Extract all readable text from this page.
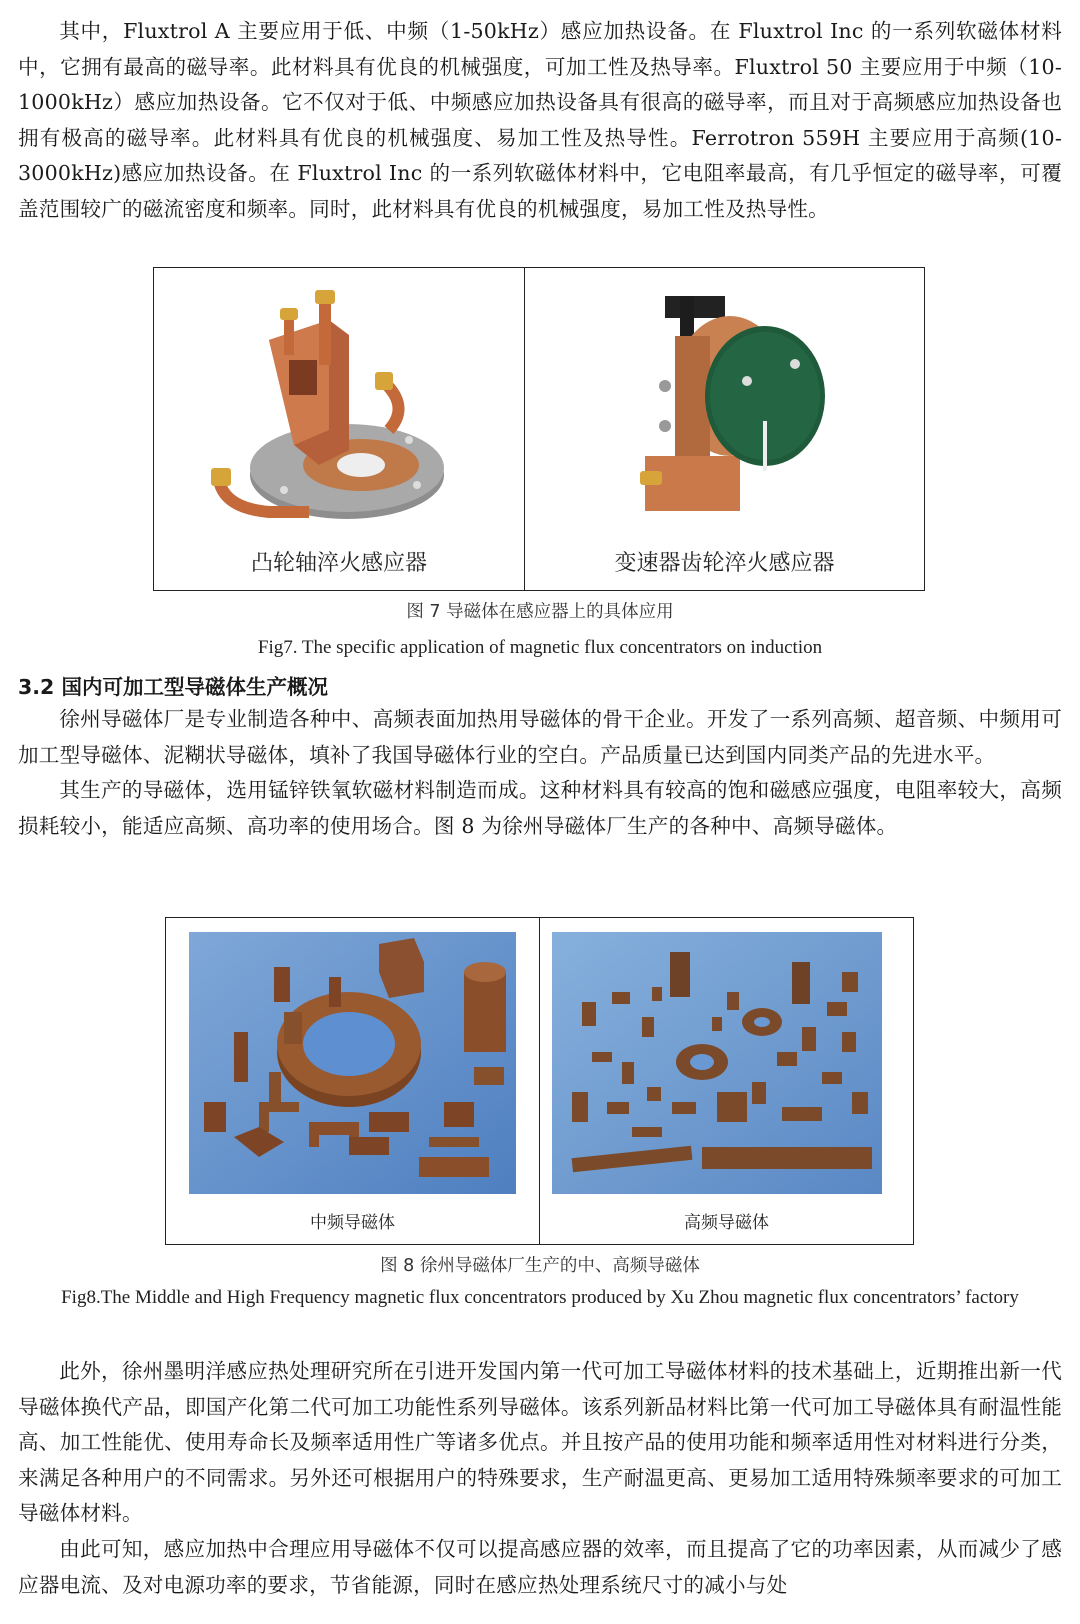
其中，Fluxtrol A 主要应用于低、中频（1-50kHz）感应加热设备。在 Fluxtrol Inc 的一系列软磁体材料中，它拥有最高的磁导率。此材料具有优良的机械强度，可加工性及热导率。Fluxtrol 50 主要应用于中频（10-1000kHz）感应加热设备。它不仅对于低、中频感应加热设备具有很高的磁导率，而且对于高频感应加热设备也拥有极高的磁导率。此材料具有优良的机械强度、易加工性及热导性。Ferrotron 559H 主要应用于高频(10-3000kHz)感应加热设备。在 Fluxtrol Inc 的一系列软磁体材料中，它电阻率最高，有几乎恒定的磁导率，可覆盖范围较广的磁流密度和频率。同时，此材料具有优良的机械强度，易加工性及热导性。

凸轮轴淬火感应器	变速器齿轮淬火感应器
图 7 导磁体在感应器上的具体应用
Fig7. The specific application of magnetic flux concentrators on induction
3.2 国内可加工型导磁体生产概况

徐州导磁体厂是专业制造各种中、高频表面加热用导磁体的骨干企业。开发了一系列高频、超音频、中频用可加工型导磁体、泥糊状导磁体，填补了我国导磁体行业的空白。产品质量已达到国内同类产品的先进水平。

其生产的导磁体，选用锰锌铁氧软磁材料制造而成。这种材料具有较高的饱和磁感应强度，电阻率较大，高频损耗较小，能适应高频、高功率的使用场合。图 8 为徐州导磁体厂生产的各种中、高频导磁体。

中频导磁体	高频导磁体
图 8 徐州导磁体厂生产的中、高频导磁体
Fig8.The Middle and High Frequency magnetic flux concentrators produced by Xu Zhou magnetic flux concentrators’ factory

此外，徐州墨明洋感应热处理研究所在引进开发国内第一代可加工导磁体材料的技术基础上，近期推出新一代导磁体换代产品，即国产化第二代可加工功能性系列导磁体。该系列新品材料比第一代可加工导磁体具有耐温性能高、加工性能优、使用寿命长及频率适用性广等诸多优点。并且按产品的使用功能和频率适用性对材料进行分类，来满足各种用户的不同需求。另外还可根据用户的特殊要求，生产耐温更高、更易加工适用特殊频率要求的可加工导磁体材料。

由此可知，感应加热中合理应用导磁体不仅可以提高感应器的效率，而且提高了它的功率因素，从而减少了感应器电流、及对电源功率的要求，节省能源，同时在感应热处理系统尺寸的减小与处
